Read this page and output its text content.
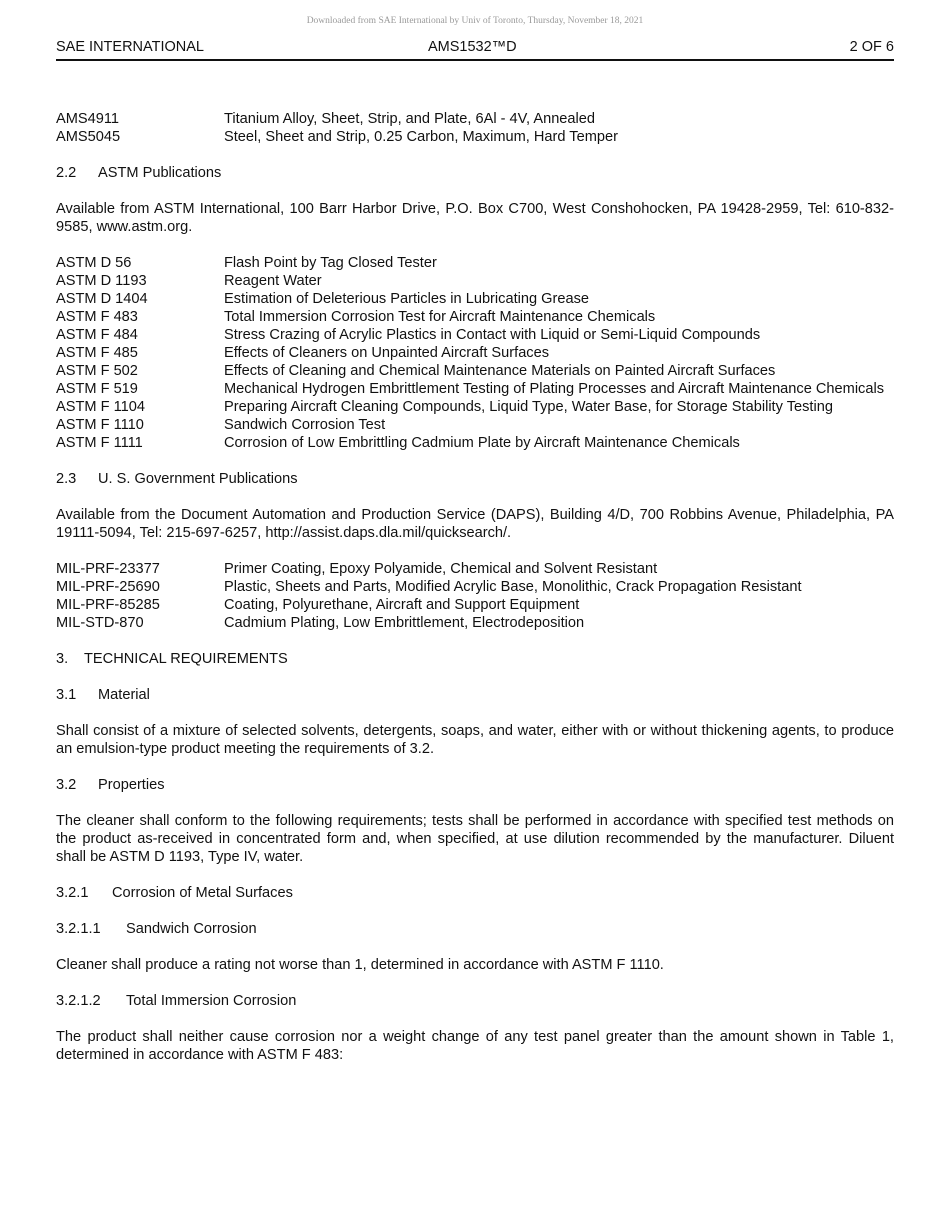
Downloaded from SAE International by Univ of Toronto, Thursday, November 18, 2021
SAE INTERNATIONAL	AMS1532™D	2 OF 6
AMS4911	Titanium Alloy, Sheet, Strip, and Plate, 6Al - 4V, Annealed
AMS5045	Steel, Sheet and Strip, 0.25 Carbon, Maximum, Hard Temper
2.2 ASTM Publications
Available from ASTM International, 100 Barr Harbor Drive, P.O. Box C700, West Conshohocken, PA 19428-2959, Tel: 610-832-9585, www.astm.org.
ASTM D 56	Flash Point by Tag Closed Tester
ASTM D 1193	Reagent Water
ASTM D 1404	Estimation of Deleterious Particles in Lubricating Grease
ASTM F 483	Total Immersion Corrosion Test for Aircraft Maintenance Chemicals
ASTM F 484	Stress Crazing of Acrylic Plastics in Contact with Liquid or Semi-Liquid Compounds
ASTM F 485	Effects of Cleaners on Unpainted Aircraft Surfaces
ASTM F 502	Effects of Cleaning and Chemical Maintenance Materials on Painted Aircraft Surfaces
ASTM F 519	Mechanical Hydrogen Embrittlement Testing of Plating Processes and Aircraft Maintenance Chemicals
ASTM F 1104	Preparing Aircraft Cleaning Compounds, Liquid Type, Water Base, for Storage Stability Testing
ASTM F 1110	Sandwich Corrosion Test
ASTM F 1111	Corrosion of Low Embrittling Cadmium Plate by Aircraft Maintenance Chemicals
2.3 U. S. Government Publications
Available from the Document Automation and Production Service (DAPS), Building 4/D, 700 Robbins Avenue, Philadelphia, PA 19111-5094, Tel: 215-697-6257, http://assist.daps.dla.mil/quicksearch/.
MIL-PRF-23377	Primer Coating, Epoxy Polyamide, Chemical and Solvent Resistant
MIL-PRF-25690	Plastic, Sheets and Parts, Modified Acrylic Base, Monolithic, Crack Propagation Resistant
MIL-PRF-85285	Coating, Polyurethane, Aircraft and Support Equipment
MIL-STD-870	Cadmium Plating, Low Embrittlement, Electrodeposition
3. TECHNICAL REQUIREMENTS
3.1 Material
Shall consist of a mixture of selected solvents, detergents, soaps, and water, either with or without thickening agents, to produce an emulsion-type product meeting the requirements of 3.2.
3.2 Properties
The cleaner shall conform to the following requirements; tests shall be performed in accordance with specified test methods on the product as-received in concentrated form and, when specified, at use dilution recommended by the manufacturer. Diluent shall be ASTM D 1193, Type IV, water.
3.2.1 Corrosion of Metal Surfaces
3.2.1.1 Sandwich Corrosion
Cleaner shall produce a rating not worse than 1, determined in accordance with ASTM F 1110.
3.2.1.2 Total Immersion Corrosion
The product shall neither cause corrosion nor a weight change of any test panel greater than the amount shown in Table 1, determined in accordance with ASTM F 483:
